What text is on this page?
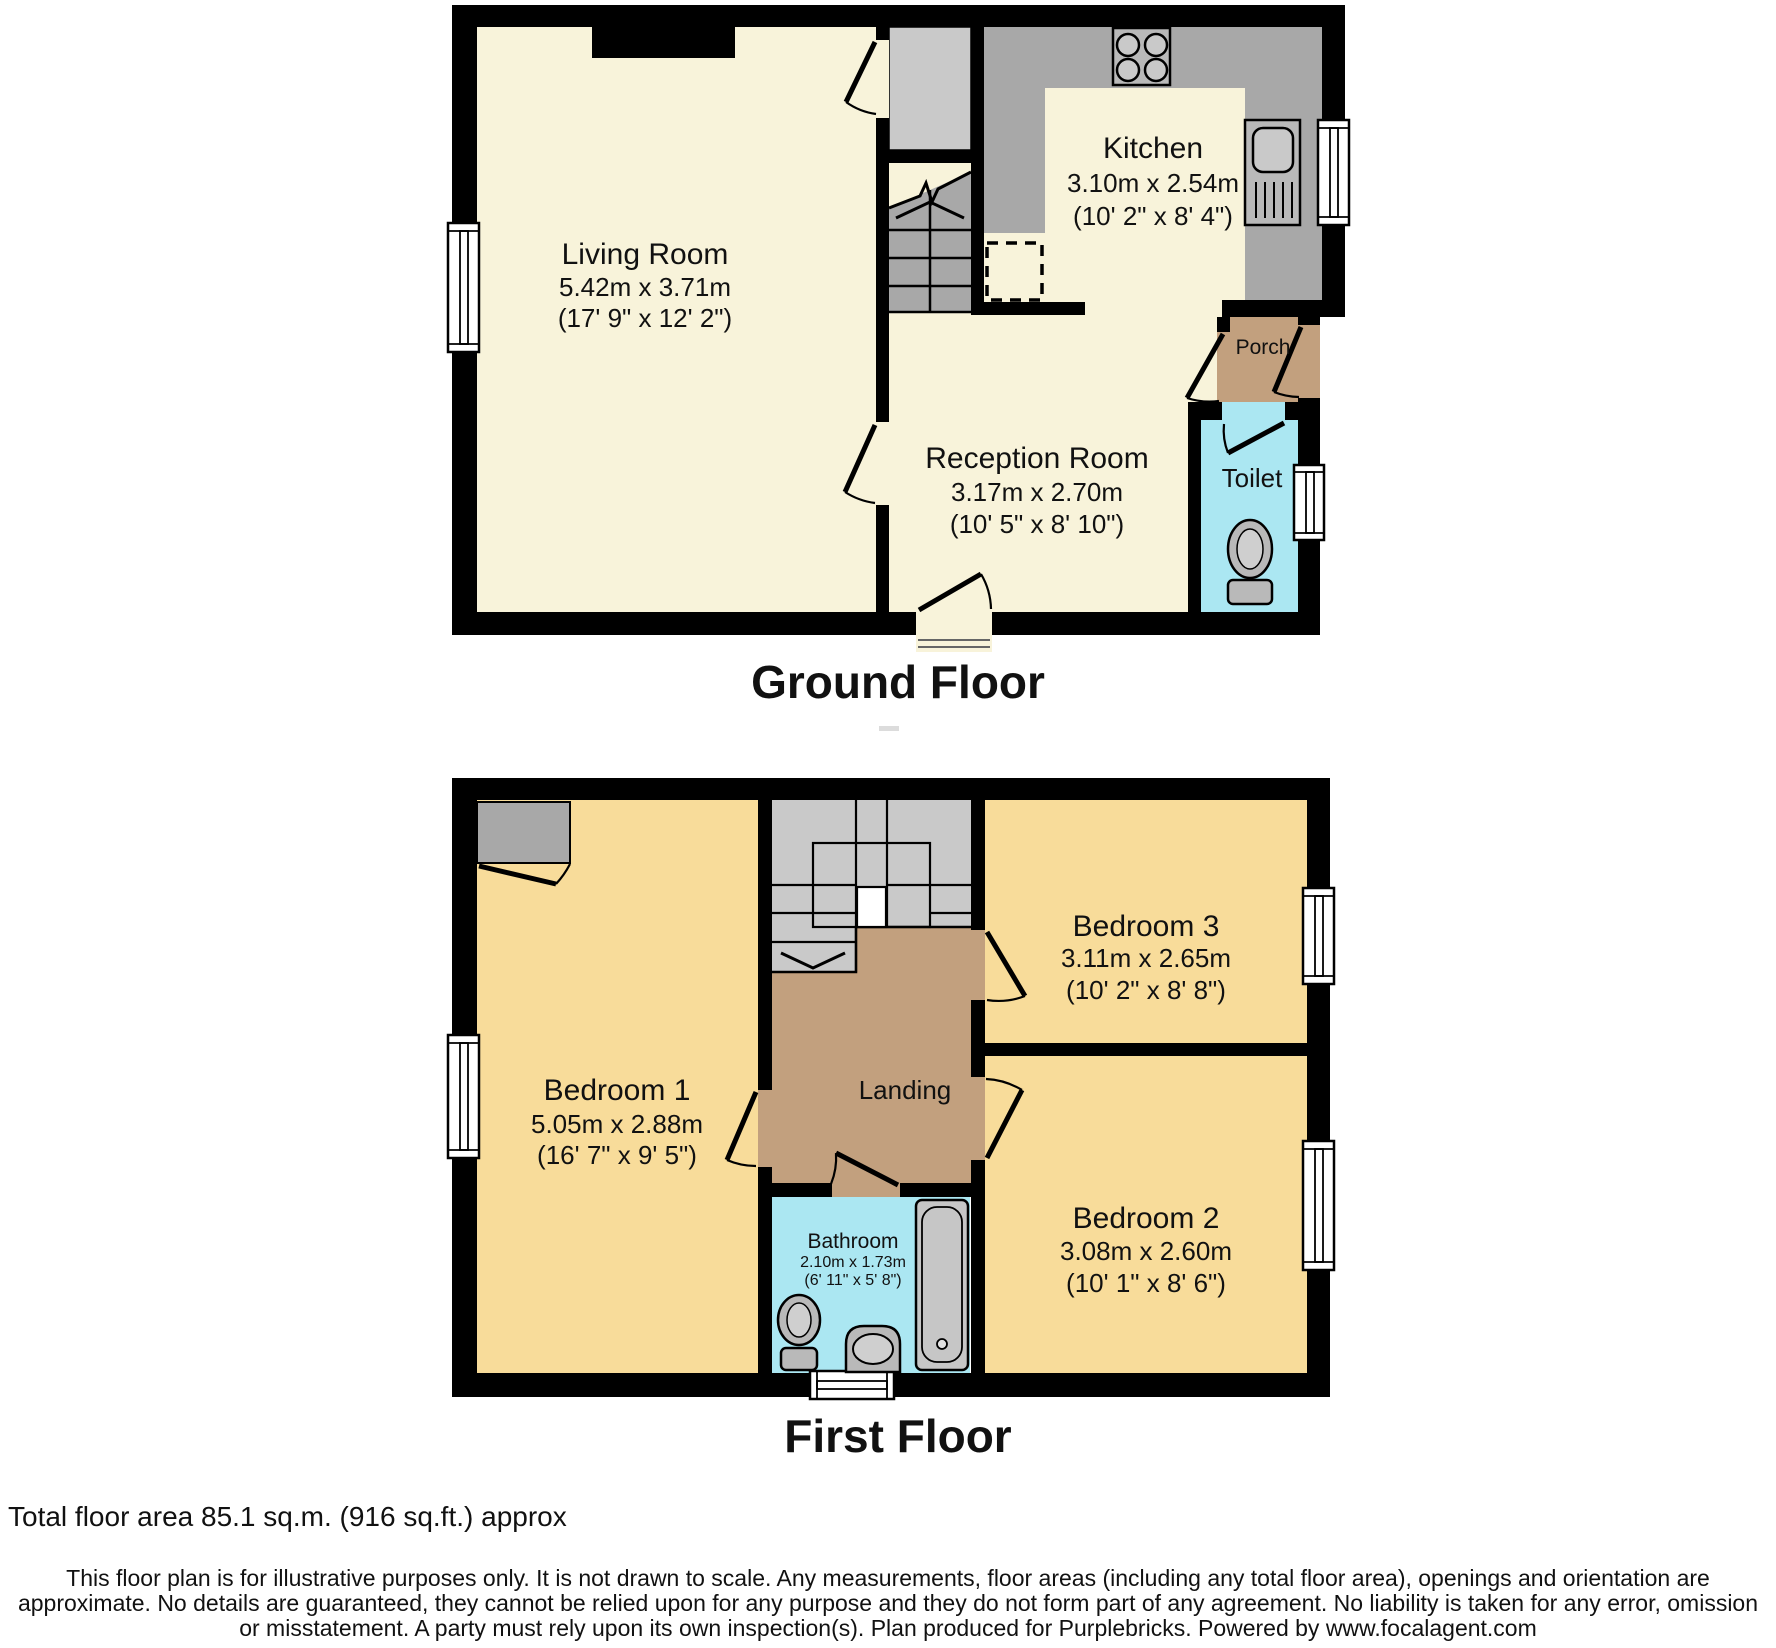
Living Room
5.42m x 3.71m
(17' 9" x 12' 2")
Kitchen
3.10m x 2.54m
(10' 2" x 8' 4")
Reception Room
3.17m x 2.70m
(10' 5" x 8' 10")
Porch
Toilet
Ground Floor
Bedroom 1
5.05m x 2.88m
(16' 7" x 9' 5")
Bedroom 3
3.11m x 2.65m
(10' 2" x 8' 8")
Bedroom 2
3.08m x 2.60m
(10' 1" x 8' 6")
Landing
Bathroom
2.10m x 1.73m
(6' 11" x 5' 8")
First Floor
Total floor area 85.1 sq.m. (916 sq.ft.) approx
This floor plan is for illustrative purposes only. It is not drawn to scale. Any measurements, floor areas (including any total floor area), openings and orientation are
approximate. No details are guaranteed, they cannot be relied upon for any purpose and they do not form part of any agreement. No liability is taken for any error, omission
or misstatement. A party must rely upon its own inspection(s). Plan produced for Purplebricks. Powered by www.focalagent.com
